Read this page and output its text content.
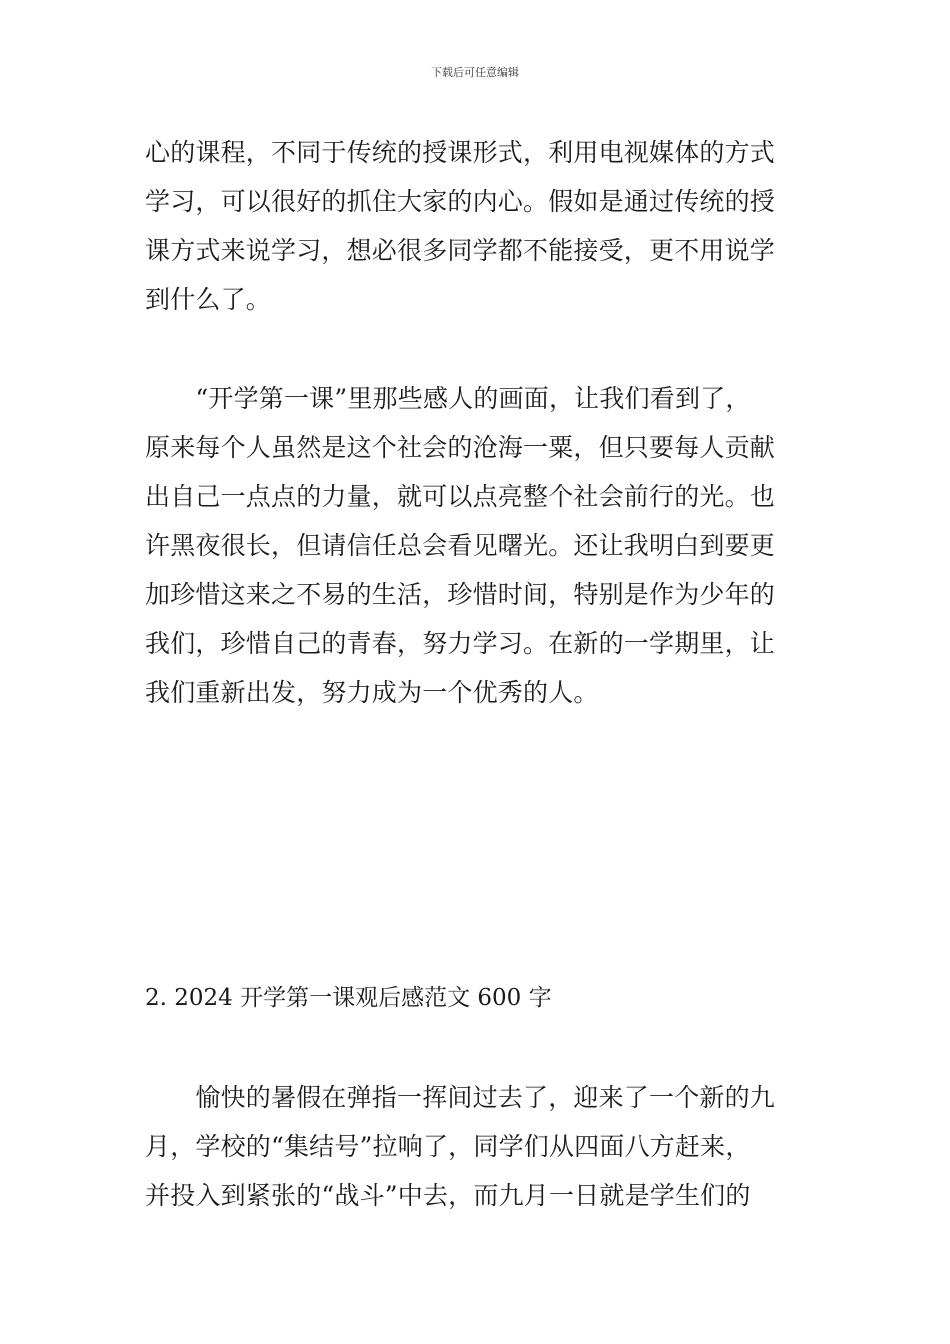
下载后可任意编辑
心的课程，不同于传统的授课形式，利用电视媒体的方式
学习，可以很好的抓住大家的内心。假如是通过传统的授
课方式来说学习，想必很多同学都不能接受，更不用说学
到什么了。
　　“开学第一课”里那些感人的画面，让我们看到了，
原来每个人虽然是这个社会的沧海一粟，但只要每人贡献
出自己一点点的力量，就可以点亮整个社会前行的光。也
许黑夜很长，但请信任总会看见曙光。还让我明白到要更
加珍惜这来之不易的生活，珍惜时间，特别是作为少年的
我们，珍惜自己的青春，努力学习。在新的一学期里，让
我们重新出发，努力成为一个优秀的人。
2. 2024 开学第一课观后感范文 600 字
　　愉快的暑假在弹指一挥间过去了，迎来了一个新的九
月，学校的“集结号”拉响了，同学们从四面八方赶来，
并投入到紧张的“战斗”中去，而九月一日就是学生们的
